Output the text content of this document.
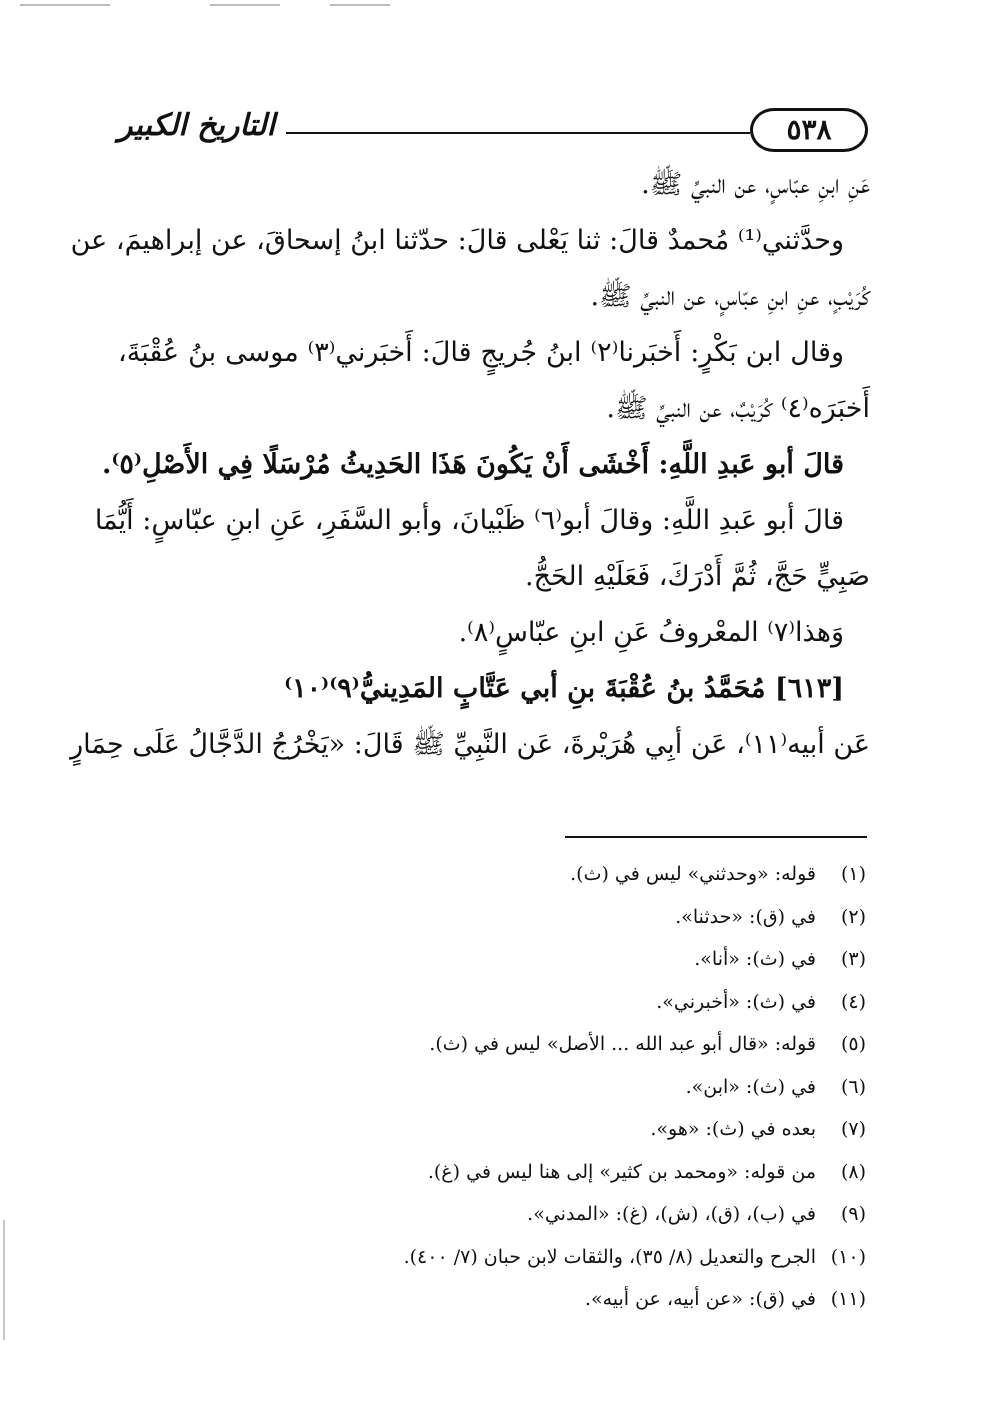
التاريخ الكبير	٥٣٨
عَنِ ابنِ عبّاسٍ، عن النبيِّ ﷺ.
وحدَّثني⁽¹⁾ مُحمدٌ قالَ: ثنا يَعْلى قالَ: حدّثنا ابنُ إسحاقَ، عن إبراهيمَ، عن
كُرَيْبٍ، عنِ ابنِ عبّاسٍ، عن النبيِّ ﷺ.
وقال ابن بَكْرٍ: أَخبَرنا⁽٢⁾ ابنُ جُريجٍ قالَ: أَخبَرني⁽٣⁾ موسى بنُ عُقْبَةَ،
أَخبَرَه⁽٤⁾ كُرَيْبٌ، عن النبيِّ ﷺ.
قالَ أبو عَبدِ اللَّهِ: أَخْشَى أَنْ يَكُونَ هَذَا الحَدِيثُ مُرْسَلًا فِي الأَصْلِ⁽٥⁾.
قالَ أبو عَبدِ اللَّهِ: وقالَ أبو⁽٦⁾ ظَبْيانَ، وأبو السَّفَرِ، عَنِ ابنِ عبّاسٍ: أَيُّمَا
صَبِيٍّ حَجَّ، ثُمَّ أَدْرَكَ، فَعَلَيْهِ الحَجُّ.
وَهذا⁽٧⁾ المعْروفُ عَنِ ابنِ عبّاسٍ⁽٨⁾.
[٦١٣] مُحَمَّدُ بنُ عُقْبَةَ بنِ أبي عَتَّابٍ المَدِينيُّ⁽٩⁾⁽١٠⁾
عَن أبيه⁽١١⁾، عَن أبِي هُرَيْرةَ، عَن النَّبِيِّ ﷺ قَالَ: «يَخْرُجُ الدَّجَّالُ عَلَى حِمَارٍ
(١)قوله: «وحدثني» ليس في (ث).
(٢)في (ق): «حدثنا».
(٣)في (ث): «أنا».
(٤)في (ث): «أخبرني».
(٥)قوله: «قال أبو عبد الله ... الأصل» ليس في (ث).
(٦)في (ث): «ابن».
(٧)بعده في (ث): «هو».
(٨)من قوله: «ومحمد بن كثير» إلى هنا ليس في (غ).
(٩)في (ب)، (ق)، (ش)، (غ): «المدني».
(١٠)الجرح والتعديل (٨/ ٣٥)، والثقات لابن حبان (٧/ ٤٠٠).
(١١)في (ق): «عن أبيه، عن أبيه».
